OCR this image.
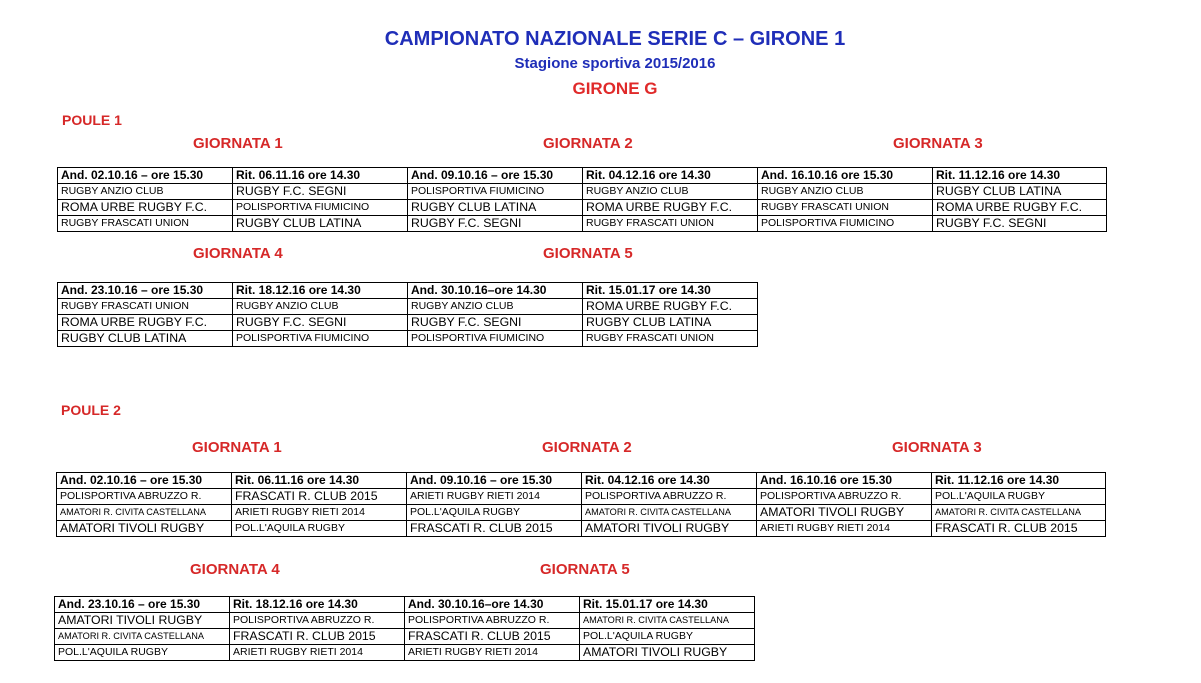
CAMPIONATO NAZIONALE SERIE C – GIRONE 1
Stagione sportiva 2015/2016
GIRONE G
POULE 1
GIORNATA 1	GIORNATA 2	GIORNATA 3
And. 02.10.16 – ore 15.30	Rit. 06.11.16 ore 14.30	And. 09.10.16 – ore 15.30	Rit. 04.12.16 ore 14.30	And. 16.10.16 ore 15.30	Rit. 11.12.16 ore 14.30
RUGBY ANZIO CLUB	RUGBY F.C. SEGNI	POLISPORTIVA FIUMICINO	RUGBY ANZIO CLUB	RUGBY ANZIO CLUB	RUGBY CLUB LATINA
ROMA URBE RUGBY F.C.	POLISPORTIVA FIUMICINO	RUGBY CLUB LATINA	ROMA URBE RUGBY F.C.	RUGBY FRASCATI UNION	ROMA URBE RUGBY F.C.
RUGBY FRASCATI UNION	RUGBY CLUB LATINA	RUGBY F.C. SEGNI	RUGBY FRASCATI UNION	POLISPORTIVA FIUMICINO	RUGBY F.C. SEGNI
GIORNATA 4	GIORNATA 5
And. 23.10.16 – ore 15.30	Rit. 18.12.16 ore 14.30	And. 30.10.16–ore 14.30	Rit. 15.01.17 ore 14.30
RUGBY FRASCATI UNION	RUGBY ANZIO CLUB	RUGBY ANZIO CLUB	ROMA URBE RUGBY F.C.
ROMA URBE RUGBY F.C.	RUGBY F.C. SEGNI	RUGBY F.C. SEGNI	RUGBY CLUB LATINA
RUGBY CLUB LATINA	POLISPORTIVA FIUMICINO	POLISPORTIVA FIUMICINO	RUGBY FRASCATI UNION
POULE 2
GIORNATA 1	GIORNATA 2	GIORNATA 3
And. 02.10.16 – ore 15.30	Rit. 06.11.16 ore 14.30	And. 09.10.16 – ore 15.30	Rit. 04.12.16 ore 14.30	And. 16.10.16 ore 15.30	Rit. 11.12.16 ore 14.30
POLISPORTIVA ABRUZZO R.	FRASCATI R. CLUB 2015	ARIETI RUGBY RIETI 2014	POLISPORTIVA ABRUZZO R.	POLISPORTIVA ABRUZZO R.	POL.L'AQUILA RUGBY
AMATORI R. CIVITA CASTELLANA	ARIETI RUGBY RIETI 2014	POL.L'AQUILA RUGBY	AMATORI R. CIVITA CASTELLANA	AMATORI TIVOLI RUGBY	AMATORI R. CIVITA CASTELLANA
AMATORI TIVOLI RUGBY	POL.L'AQUILA RUGBY	FRASCATI R. CLUB 2015	AMATORI TIVOLI RUGBY	ARIETI RUGBY RIETI 2014	FRASCATI R. CLUB 2015
GIORNATA 4	GIORNATA 5
And. 23.10.16 – ore 15.30	Rit. 18.12.16 ore 14.30	And. 30.10.16–ore 14.30	Rit. 15.01.17 ore 14.30
AMATORI TIVOLI RUGBY	POLISPORTIVA ABRUZZO R.	POLISPORTIVA ABRUZZO R.	AMATORI R. CIVITA CASTELLANA
AMATORI R. CIVITA CASTELLANA	FRASCATI R. CLUB 2015	FRASCATI R. CLUB 2015	POL.L'AQUILA RUGBY
POL.L'AQUILA RUGBY	ARIETI RUGBY RIETI 2014	ARIETI RUGBY RIETI 2014	AMATORI TIVOLI RUGBY
